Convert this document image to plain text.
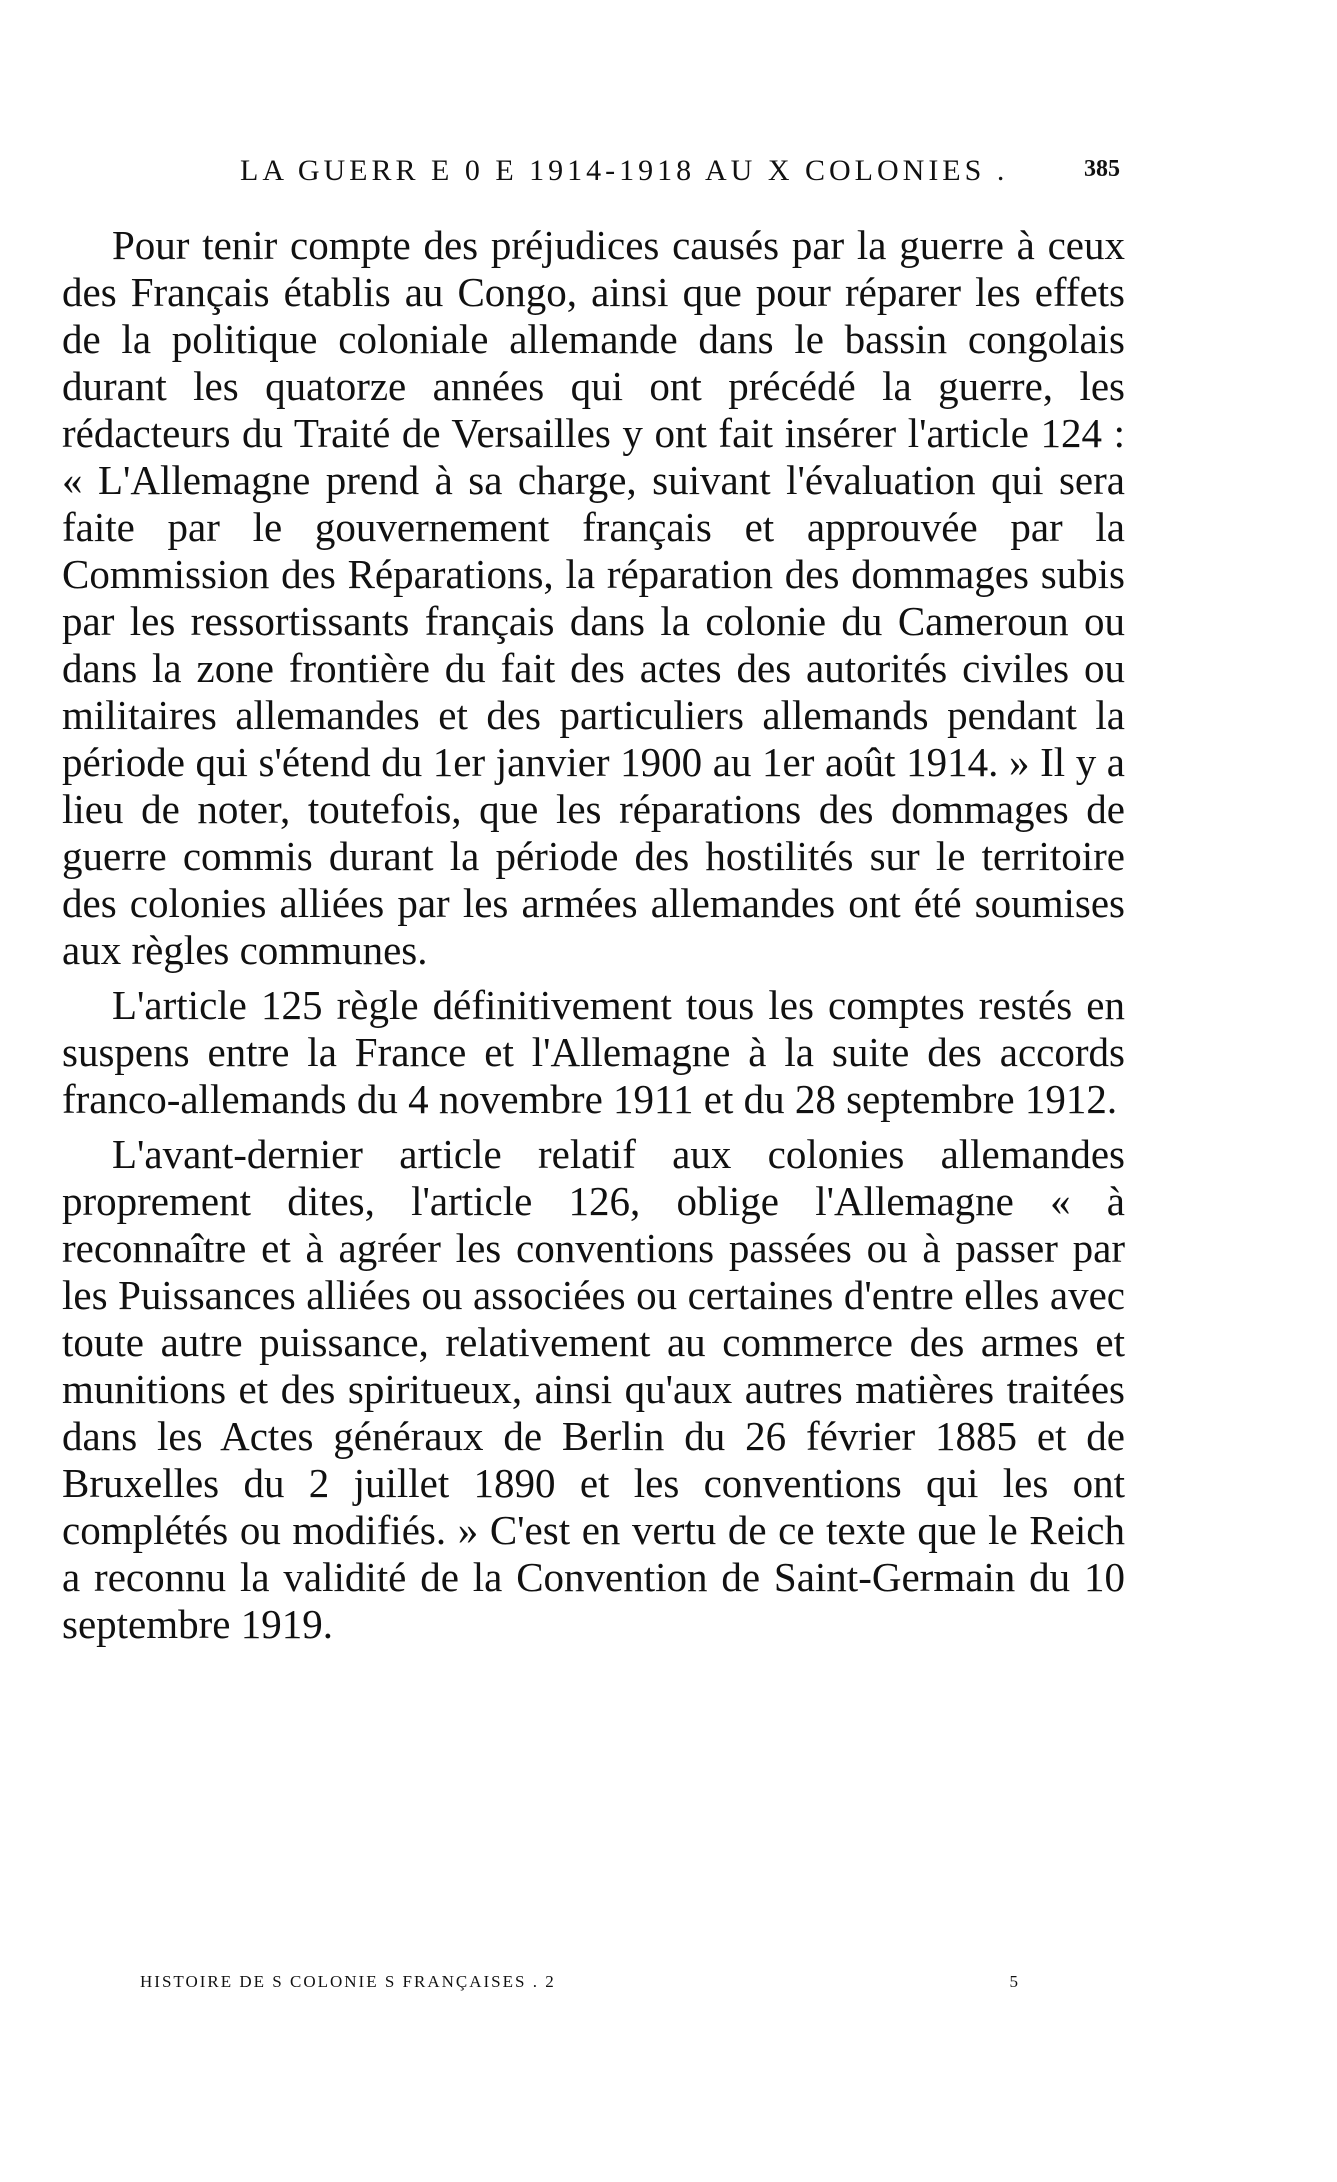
LA GUERR E 0 E 1914-1918 AU X COLONIES .	385

Pour tenir compte des préjudices causés par la guerre à ceux des Français établis au Congo, ainsi que pour réparer les effets de la politique coloniale allemande dans le bassin congolais durant les quatorze années qui ont précédé la guerre, les rédacteurs du Traité de Versailles y ont fait insérer l'article 124 : « L'Allemagne prend à sa charge, suivant l'évaluation qui sera faite par le gouvernement français et approuvée par la Commission des Réparations, la réparation des dommages subis par les ressortissants français dans la colonie du Cameroun ou dans la zone frontière du fait des actes des autorités civiles ou militaires allemandes et des particuliers allemands pendant la période qui s'étend du 1er janvier 1900 au 1er août 1914. » Il y a lieu de noter, toutefois, que les réparations des dommages de guerre commis durant la période des hostilités sur le territoire des colonies alliées par les armées allemandes ont été soumises aux règles communes.

L'article 125 règle définitivement tous les comptes restés en suspens entre la France et l'Allemagne à la suite des accords franco-allemands du 4 novembre 1911 et du 28 septembre 1912.

L'avant-dernier article relatif aux colonies allemandes proprement dites, l'article 126, oblige l'Allemagne « à reconnaître et à agréer les conventions passées ou à passer par les Puissances alliées ou associées ou certaines d'entre elles avec toute autre puissance, relativement au commerce des armes et munitions et des spiritueux, ainsi qu'aux autres matières traitées dans les Actes généraux de Berlin du 26 février 1885 et de Bruxelles du 2 juillet 1890 et les conventions qui les ont complétés ou modifiés. » C'est en vertu de ce texte que le Reich a reconnu la validité de la Convention de Saint-Germain du 10 septembre 1919.

HISTOIRE DE S COLONIE S FRANÇAISES . 2	5
